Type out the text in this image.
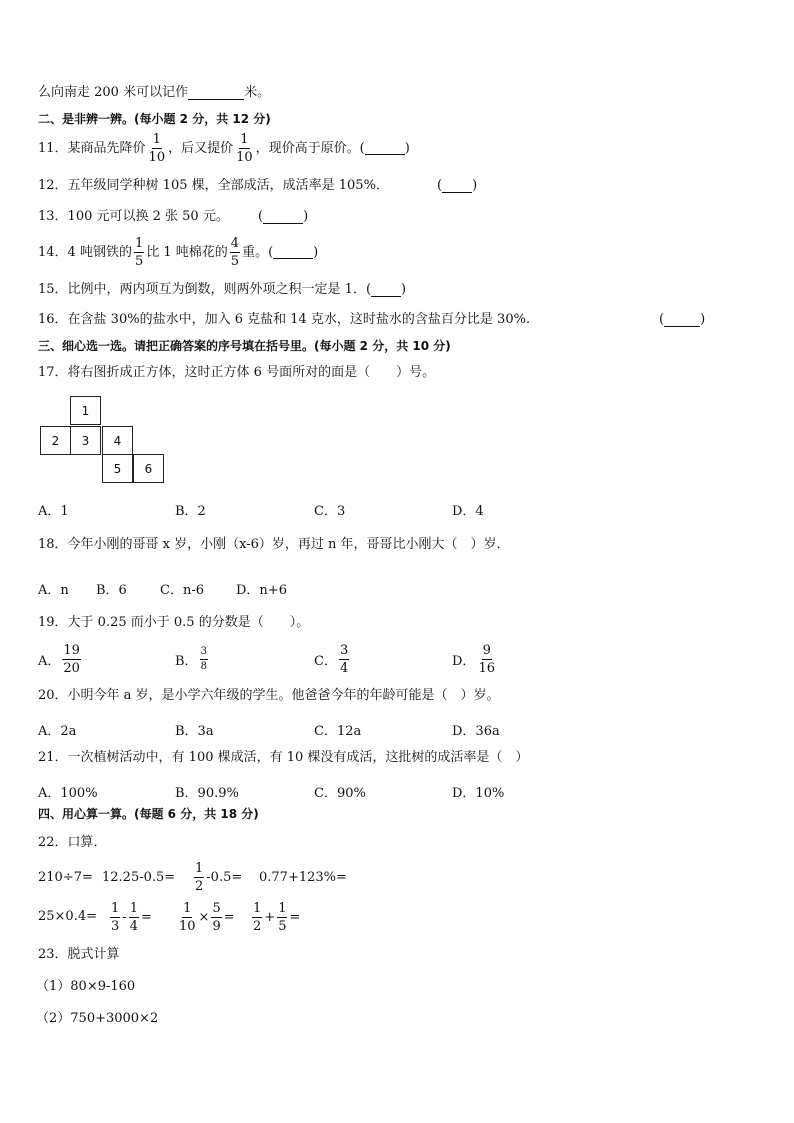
么向南走 200 米可以记作	米。
二、是非辨一辨。(每小题 2 分，共 12 分)
11．某商品先降价 $\frac{1}{10}$ ，后又提价 $\frac{1}{10}$ ，现价高于原价。(
	)
12．五年级同学种树 105 棵，全部成活，成活率是 105%．	( )
13．100 元可以换 2 张 50 元。 (	)
14．4 吨钢铁的 $\frac{1}{5}$ 比 1 吨棉花的 $\frac{4}{5}$ 重。(
	)
15．比例中，两内项互为倒数，则两外项之积一定是 1．( )
16．在含盐 30%的盐水中，加入 6 克盐和 14 克水，这时盐水的含盐百分比是 30%.	(	)
三、细心选一选。请把正确答案的序号填在括号里。(每小题 2 分，共 10 分)
17．将右图折成正方体，这时正方体 6 号面所对的面是（　　）号。
1
2	3	4
5	6
A．1	B．2	C．3	D．4
18．今年小刚的哥哥 x 岁，小刚（x-6）岁，再过 n 年，哥哥比小刚大（　）岁．
A．n B．6	C．n-6 D．n+6
19．大于 0.25 而小于 0.5 的分数是（　　）。
A． $\frac{19}{20}$	B． $\frac{3}{8}$	C． $\frac{3}{4}$	D． $\frac{9}{16}$
20．小明今年 a 岁，是小学六年级的学生。他爸爸今年的年龄可能是（　）岁。
A．2a	B．3a	C．12a	D．36a
21．一次植树活动中，有 100 棵成活，有 10 棵没有成活，这批树的成活率是（　）
A．100%	B．90.9%	C．90%	D．10%
四、用心算一算。(每题 6 分，共 18 分)
22．口算．
$210\div 7= 12.25-0.5= \frac{1}{2} -0.5= 0.77+123\%=$
$25\times 0.4= \frac{1}{3} - \frac{1}{4} = \frac{1}{10} \times \frac{5}{9} = \frac{1}{2} + \frac{1}{5}$ =
23．脱式计算
（1）80×9-160
（2）750+3000×2
